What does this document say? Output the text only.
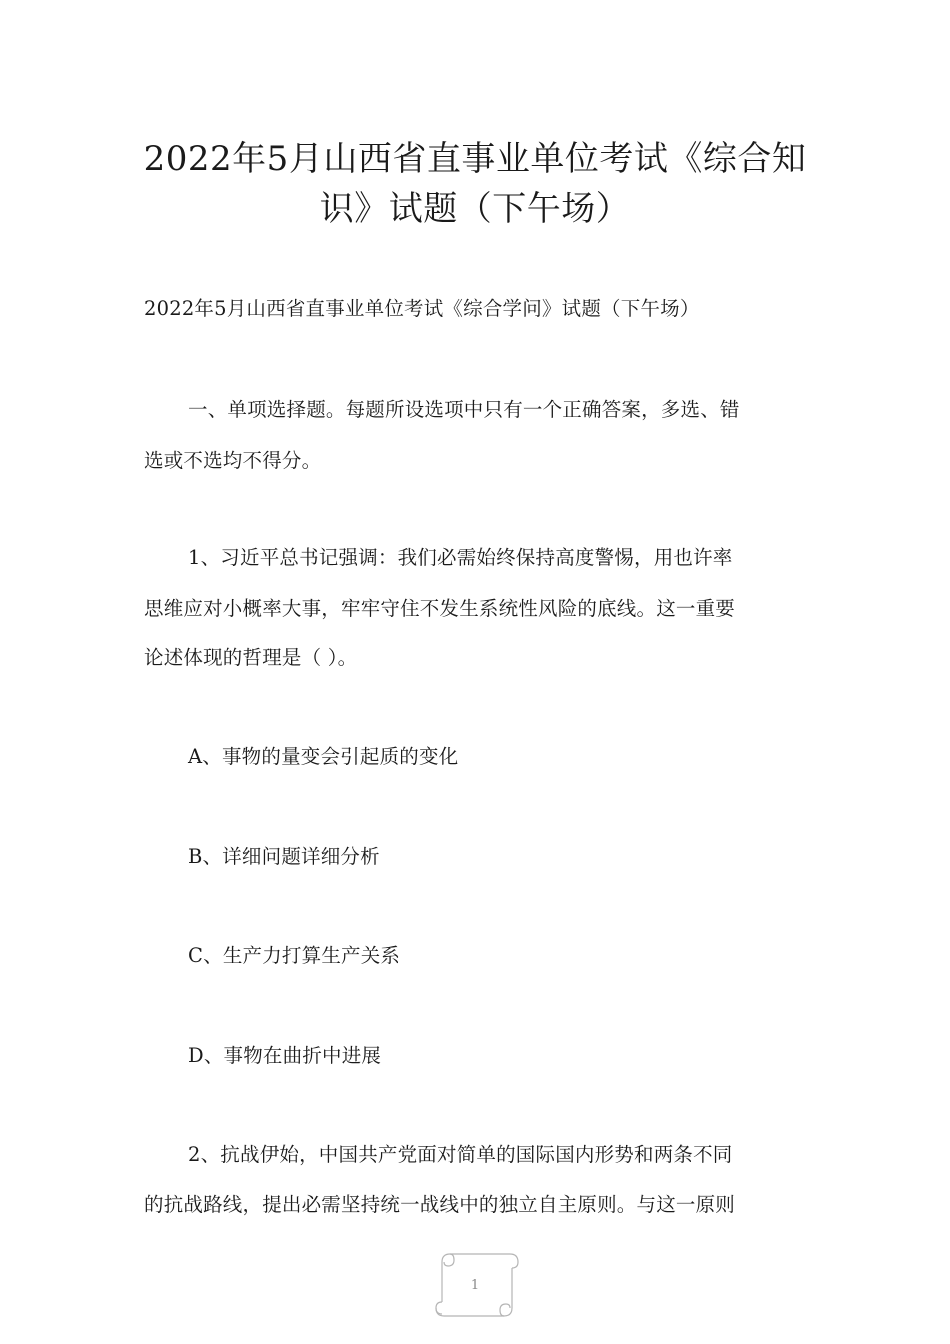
2022年5月山西省直事业单位考试《综合知
识》试题（下午场）
2022年5月山西省直事业单位考试《综合学问》试题（下午场）
一、单项选择题。每题所设选项中只有一个正确答案，多选、错
选或不选均不得分。
1、习近平总书记强调：我们必需始终保持高度警惕，用也许率
思维应对小概率大事，牢牢守住不发生系统性风险的底线。这一重要
论述体现的哲理是（ ）。
A、事物的量变会引起质的变化
B、详细问题详细分析
C、生产力打算生产关系
D、事物在曲折中进展
2、抗战伊始，中国共产党面对简单的国际国内形势和两条不同
的抗战路线，提出必需坚持统一战线中的独立自主原则。与这一原则
1
